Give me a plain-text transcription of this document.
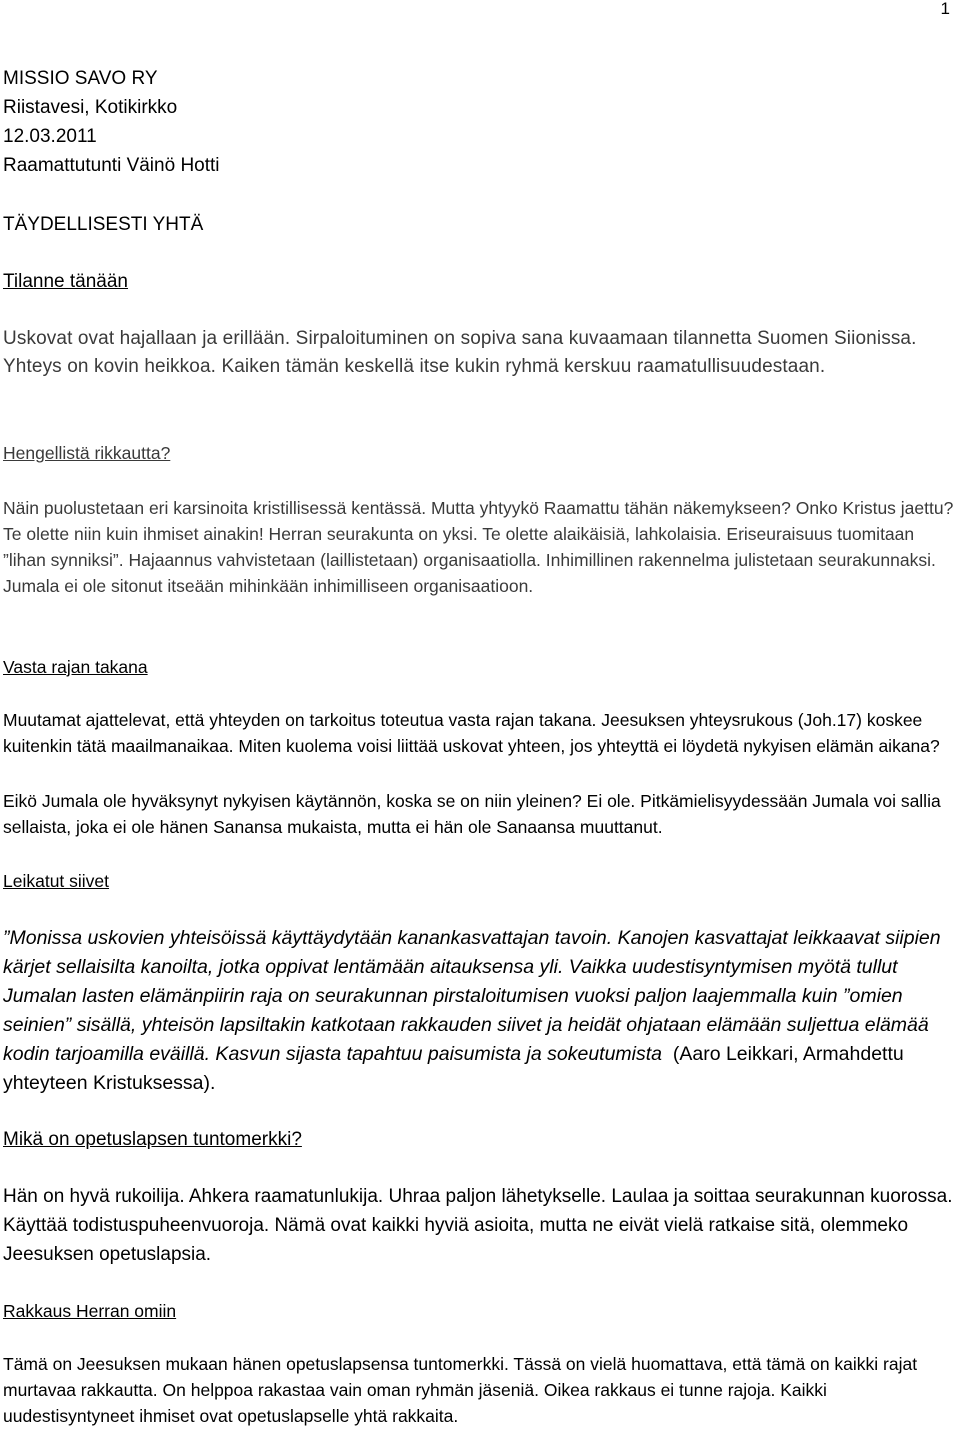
1
MISSIO SAVO RY
Riistavesi, Kotikirkko
12.03.2011
Raamattutunti Väinö Hotti
TÄYDELLISESTI YHTÄ
Tilanne tänään

Uskovat ovat hajallaan ja erillään. Sirpaloituminen on sopiva sana kuvaamaan tilannetta Suomen Siionissa. Yhteys on kovin heikkoa. Kaiken tämän keskellä itse kukin ryhmä kerskuu raamatullisuudestaan.

Hengellistä rikkautta?

Näin puolustetaan eri karsinoita kristillisessä kentässä. Mutta yhtyykö Raamattu tähän näkemykseen? Onko Kristus jaettu? Te olette niin kuin ihmiset ainakin! Herran seurakunta on yksi. Te olette alaikäisiä, lahkolaisia. Eriseuraisuus tuomitaan ”lihan synniksi”. Hajaannus vahvistetaan (laillistetaan) organisaatiolla. Inhimillinen rakennelma julistetaan seurakunnaksi. Jumala ei ole sitonut itseään mihinkään inhimilliseen organisaatioon.

Vasta rajan takana

Muutamat ajattelevat, että yhteyden on tarkoitus toteutua vasta rajan takana. Jeesuksen yhteysrukous (Joh.17) koskee kuitenkin tätä maailmanaikaa. Miten kuolema voisi liittää uskovat yhteen, jos yhteyttä ei löydetä nykyisen elämän aikana?

Eikö Jumala ole hyväksynyt nykyisen käytännön, koska se on niin yleinen? Ei ole. Pitkämielisyydessään Jumala voi sallia sellaista, joka ei ole hänen Sanansa mukaista, mutta ei hän ole Sanaansa muuttanut.

Leikatut siivet

”Monissa uskovien yhteisöissä käyttäydytään kanankasvattajan tavoin. Kanojen kasvattajat leikkaavat siipien kärjet sellaisilta kanoilta, jotka oppivat lentämään aitauksensa yli. Vaikka uudestisyntymisen myötä tullut Jumalan lasten elämänpiirin raja on seurakunnan pirstaloitumisen vuoksi paljon laajemmalla kuin ”omien seinien” sisällä, yhteisön lapsiltakin katkotaan rakkauden siivet ja heidät ohjataan elämään suljettua elämää kodin tarjoamilla eväillä. Kasvun sijasta tapahtuu paisumista ja sokeutumista (Aaro Leikkari, Armahdettu yhteyteen Kristuksessa).

Mikä on opetuslapsen tuntomerkki?

Hän on hyvä rukoilija. Ahkera raamatunlukija. Uhraa paljon lähetykselle. Laulaa ja soittaa seurakunnan kuorossa. Käyttää todistuspuheenvuoroja. Nämä ovat kaikki hyviä asioita, mutta ne eivät vielä ratkaise sitä, olemmeko Jeesuksen opetuslapsia.

Rakkaus Herran omiin

Tämä on Jeesuksen mukaan hänen opetuslapsensa tuntomerkki. Tässä on vielä huomattava, että tämä on kaikki rajat murtavaa rakkautta. On helppoa rakastaa vain oman ryhmän jäseniä. Oikea rakkaus ei tunne rajoja. Kaikki uudestisyntyneet ihmiset ovat opetuslapselle yhtä rakkaita.
